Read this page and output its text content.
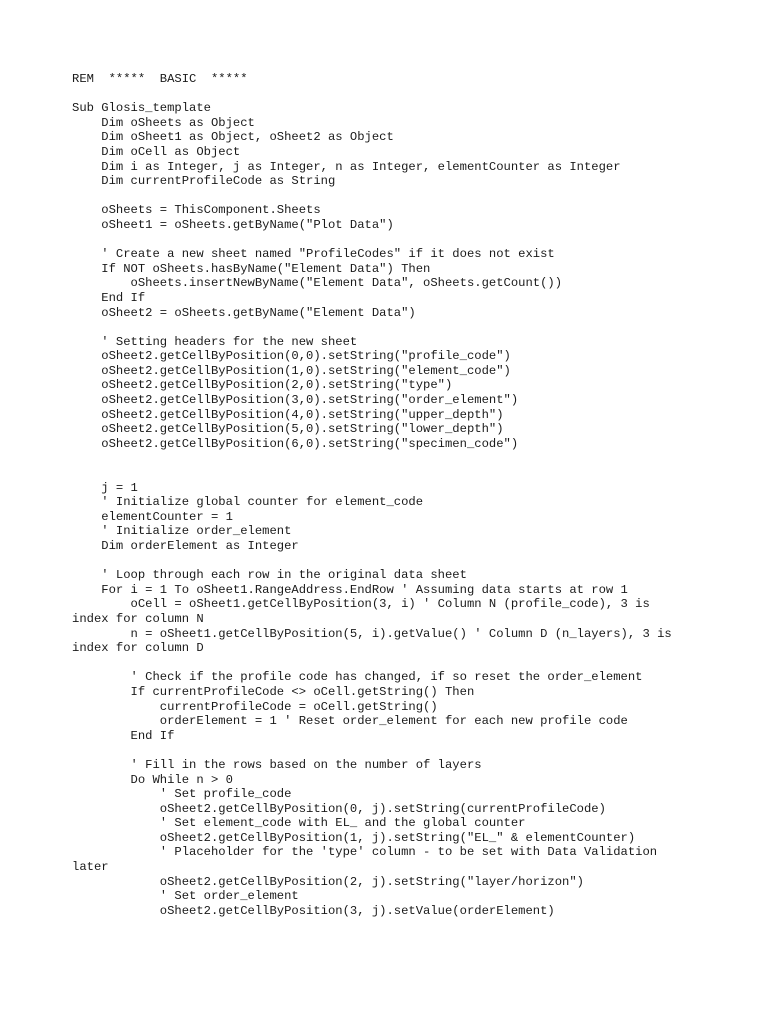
REM  *****  BASIC  *****
Sub Glosis_template
Dim oSheets as Object
Dim oSheet1 as Object, oSheet2 as Object
Dim oCell as Object
Dim i as Integer, j as Integer, n as Integer, elementCounter as Integer
Dim currentProfileCode as String
oSheets = ThisComponent.Sheets
oSheet1 = oSheets.getByName("Plot Data")
' Create a new sheet named "ProfileCodes" if it does not exist
If NOT oSheets.hasByName("Element Data") Then
oSheets.insertNewByName("Element Data", oSheets.getCount())
End If
oSheet2 = oSheets.getByName("Element Data")
' Setting headers for the new sheet
oSheet2.getCellByPosition(0,0).setString("profile_code")
oSheet2.getCellByPosition(1,0).setString("element_code")
oSheet2.getCellByPosition(2,0).setString("type")
oSheet2.getCellByPosition(3,0).setString("order_element")
oSheet2.getCellByPosition(4,0).setString("upper_depth")
oSheet2.getCellByPosition(5,0).setString("lower_depth")
oSheet2.getCellByPosition(6,0).setString("specimen_code")
j = 1
' Initialize global counter for element_code
elementCounter = 1
' Initialize order_element
Dim orderElement as Integer
' Loop through each row in the original data sheet
For i = 1 To oSheet1.RangeAddress.EndRow ' Assuming data starts at row 1
oCell = oSheet1.getCellByPosition(3, i) ' Column N (profile_code), 3 is
index for column N
n = oSheet1.getCellByPosition(5, i).getValue() ' Column D (n_layers), 3 is
index for column D
' Check if the profile code has changed, if so reset the order_element
If currentProfileCode <> oCell.getString() Then
currentProfileCode = oCell.getString()
orderElement = 1 ' Reset order_element for each new profile code
End If
' Fill in the rows based on the number of layers
Do While n > 0
' Set profile_code
oSheet2.getCellByPosition(0, j).setString(currentProfileCode)
' Set element_code with EL_ and the global counter
oSheet2.getCellByPosition(1, j).setString("EL_" & elementCounter)
' Placeholder for the 'type' column - to be set with Data Validation
later
oSheet2.getCellByPosition(2, j).setString("layer/horizon")
' Set order_element
oSheet2.getCellByPosition(3, j).setValue(orderElement)
